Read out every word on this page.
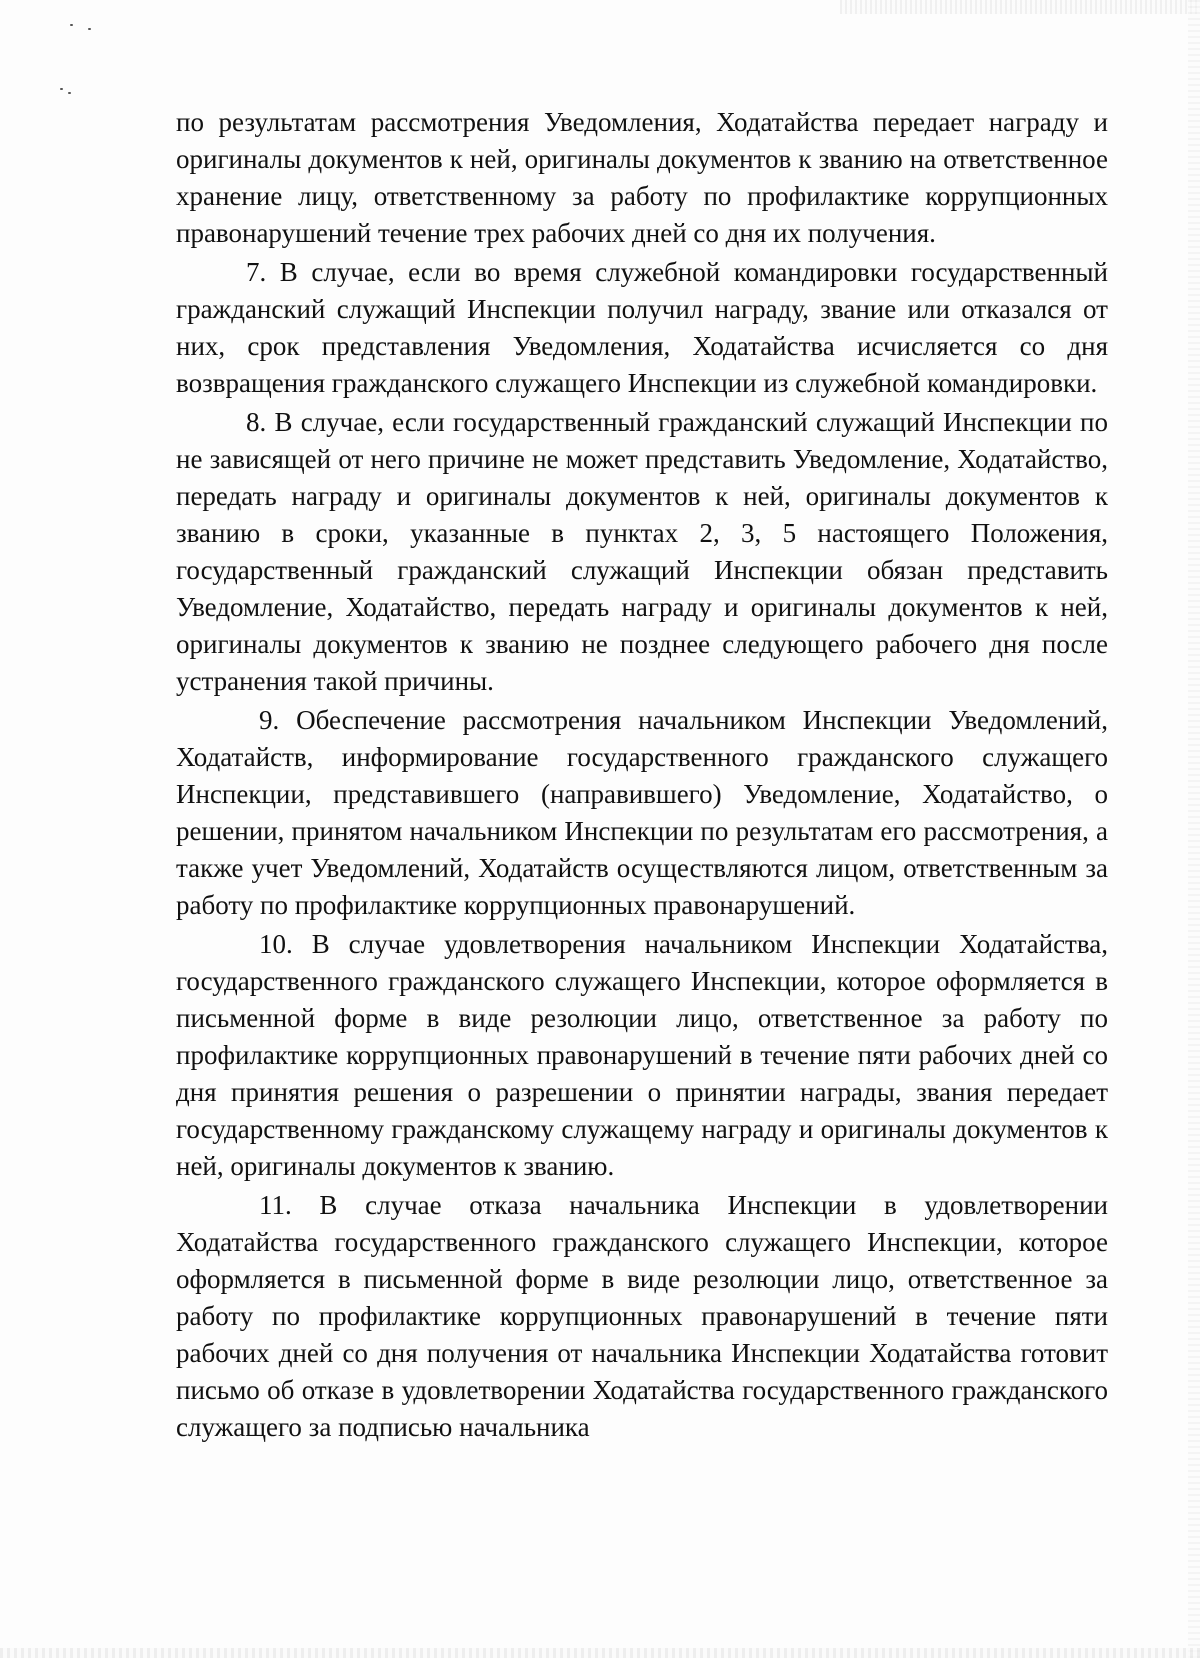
по результатам рассмотрения Уведомления, Ходатайства передает награду и оригиналы документов к ней, оригиналы документов к званию на ответственное хранение лицу, ответственному за работу по профилактике коррупционных правонарушений течение трех рабочих дней со дня их получения.

7. В случае, если во время служебной командировки государственный гражданский служащий Инспекции получил награду, звание или отказался от них, срок представления Уведомления, Ходатайства исчисляется со дня возвращения гражданского служащего Инспекции из служебной командировки.

8. В случае, если государственный гражданский служащий Инспекции по не зависящей от него причине не может представить Уведомление, Ходатайство, передать награду и оригиналы документов к ней, оригиналы документов к званию в сроки, указанные в пунктах 2, 3, 5 настоящего Положения, государственный гражданский служащий Инспекции обязан представить Уведомление, Ходатайство, передать награду и оригиналы документов к ней, оригиналы документов к званию не позднее следующего рабочего дня после устранения такой причины.

9. Обеспечение рассмотрения начальником Инспекции Уведомлений, Ходатайств, информирование государственного гражданского служащего Инспекции, представившего (направившего) Уведомление, Ходатайство, о решении, принятом начальником Инспекции по результатам его рассмотрения, а также учет Уведомлений, Ходатайств осуществляются лицом, ответственным за работу по профилактике коррупционных правонарушений.

10. В случае удовлетворения начальником Инспекции Ходатайства, государственного гражданского служащего Инспекции, которое оформляется в письменной форме в виде резолюции лицо, ответственное за работу по профилактике коррупционных правонарушений в течение пяти рабочих дней со дня принятия решения о разрешении о принятии награды, звания передает государственному гражданскому служащему награду и оригиналы документов к ней, оригиналы документов к званию.

11. В случае отказа начальника Инспекции в удовлетворении Ходатайства государственного гражданского служащего Инспекции, которое оформляется в письменной форме в виде резолюции лицо, ответственное за работу по профилактике коррупционных правонарушений в течение пяти рабочих дней со дня получения от начальника Инспекции Ходатайства готовит письмо об отказе в удовлетворении Ходатайства государственного гражданского служащего за подписью начальника
